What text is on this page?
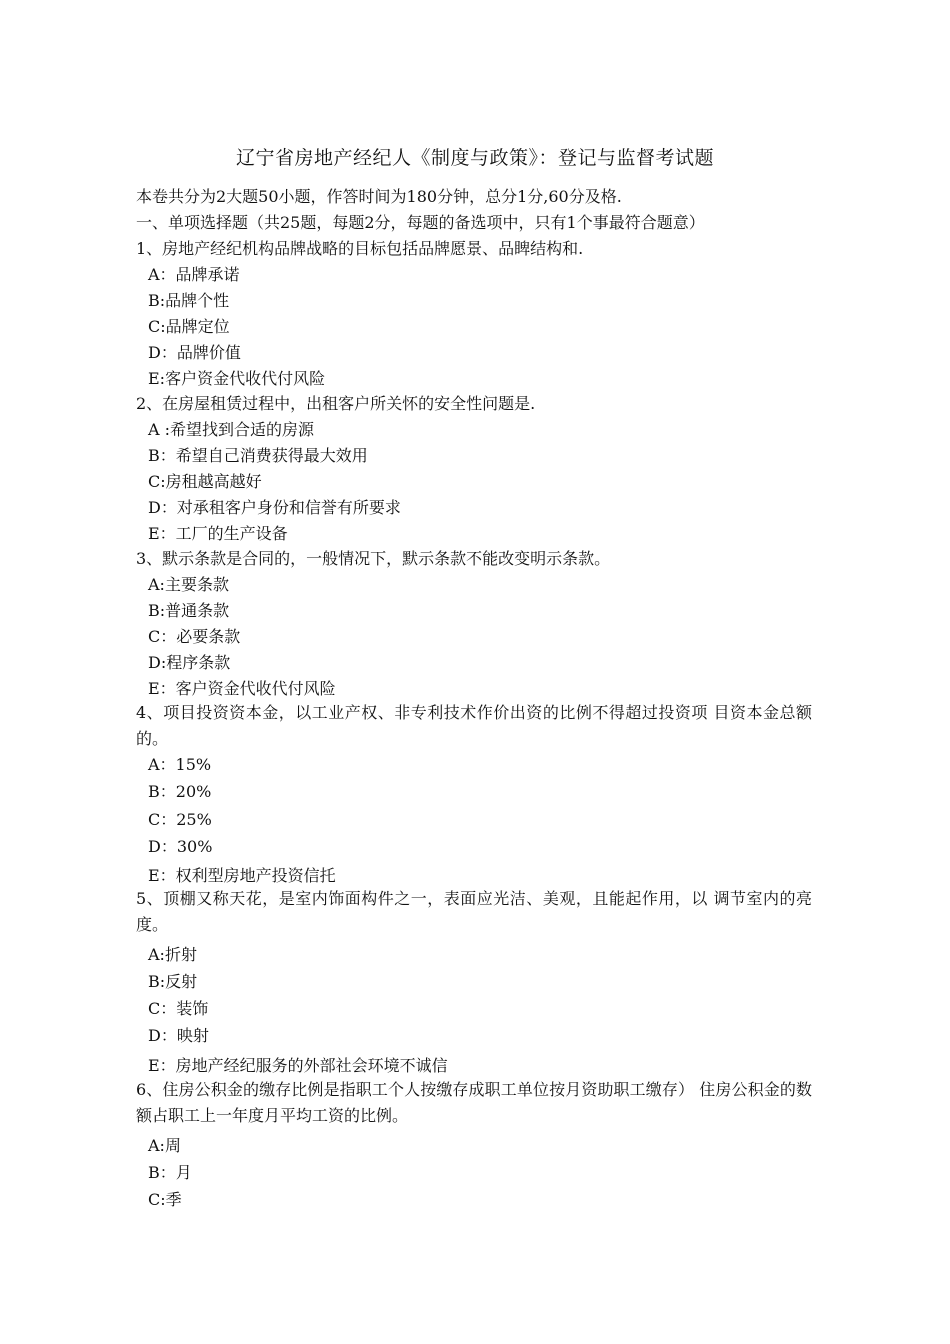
辽宁省房地产经纪人《制度与政策》：登记与监督考试题
本卷共分为2大题50小题，作答时间为180分钟，总分1分,60分及格.
一、单项选择题（共25题，每题2分，每题的备选项中，只有1个事最符合题意）
1、房地产经纪机构品牌战略的目标包括品牌愿景、品睥结构和.
A：品牌承诺
B:品牌个性
C:品牌定位
D：品牌价值
E:客户资金代收代付风险
2、在房屋租赁过程中，出租客户所关怀的安全性问题是.
A :希望找到合适的房源
B：希望自己消费获得最大效用
C:房租越高越好
D：对承租客户身份和信誉有所要求
E：工厂的生产设备
3、默示条款是合同的，一般情况下，默示条款不能改变明示条款。
A:主要条款
B:普通条款
C：必要条款
D:程序条款
E：客户资金代收代付风险
4、项目投资资本金，以工业产权、非专利技术作价出资的比例不得超过投资项 目资本金总额的。
A：15%
B：20%
C：25%
D：30%
E：权利型房地产投资信托
5、顶棚又称天花，是室内饰面构件之一，表面应光洁、美观，且能起作用，以 调节室内的亮度。
A:折射
B:反射
C：装饰
D：映射
E：房地产经纪服务的外部社会环境不诚信
6、住房公积金的缴存比例是指职工个人按缴存成职工单位按月资助职工缴存） 住房公积金的数额占职工上一年度月平均工资的比例。
A:周
B：月
C:季
